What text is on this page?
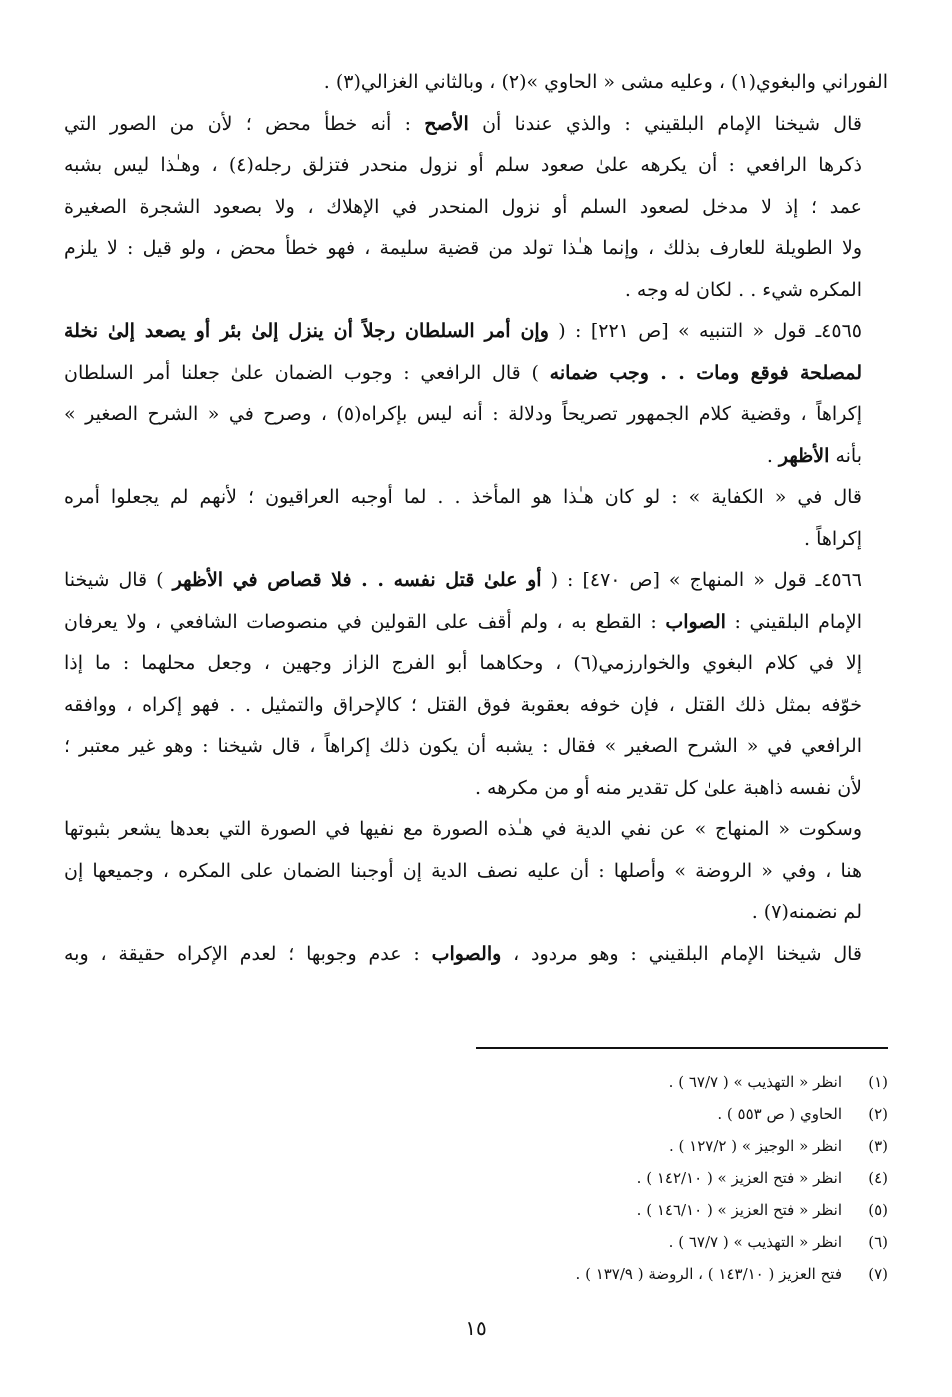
الفوراني والبغوي(١) ، وعليه مشى « الحاوي »(٢) ، وبالثاني الغزالي(٣) .

قال شيخنا الإمام البلقيني : والذي عندنا أن الأصح : أنه خطأ محض ؛ لأن من الصور التي
ذكرها الرافعي : أن يكرهه علىٰ صعود سلم أو نزول منحدر فتزلق رجله(٤) ، وهـٰذا ليس بشبه
عمد ؛ إذ لا مدخل لصعود السلم أو نزول المنحدر في الإهلاك ، ولا بصعود الشجرة الصغيرة
ولا الطويلة للعارف بذلك ، وإنما هـٰذا تولد من قضية سليمة ، فهو خطأ محض ، ولو قيل : لا يلزم
المكره شيء . . لكان له وجه .

٤٥٦٥ـ قول « التنبيه » [ص ٢٢١] : ( وإن أمر السلطان رجلاً أن ينزل إلىٰ بئر أو يصعد إلىٰ نخلة
لمصلحة فوقع ومات . . وجب ضمانه ) قال الرافعي : وجوب الضمان علىٰ جعلنا أمر السلطان
إكراهاً ، وقضية كلام الجمهور تصريحاً ودلالة : أنه ليس بإكراه(٥) ، وصرح في « الشرح الصغير »
بأنه الأظهر .

قال في « الكفاية » : لو كان هـٰذا هو المأخذ . . لما أوجبه العراقيون ؛ لأنهم لم يجعلوا أمره
إكراهاً .

٤٥٦٦ـ قول « المنهاج » [ص ٤٧٠] : ( أو علىٰ قتل نفسه . . فلا قصاص في الأظهر ) قال شيخنا
الإمام البلقيني : الصواب : القطع به ، ولم أقف على القولين في منصوصات الشافعي ، ولا يعرفان
إلا في كلام البغوي والخوارزمي(٦) ، وحكاهما أبو الفرج الزاز وجهين ، وجعل محلهما : ما إذا
خوّفه بمثل ذلك القتل ، فإن خوفه بعقوبة فوق القتل ؛ كالإحراق والتمثيل . . فهو إكراه ، ووافقه
الرافعي في « الشرح الصغير » فقال : يشبه أن يكون ذلك إكراهاً ، قال شيخنا : وهو غير معتبر ؛
لأن نفسه ذاهبة علىٰ كل تقدير منه أو من مكرهه .

وسكوت « المنهاج » عن نفي الدية في هـٰذه الصورة مع نفيها في الصورة التي بعدها يشعر بثبوتها
هنا ، وفي « الروضة » وأصلها : أن عليه نصف الدية إن أوجبنا الضمان على المكره ، وجميعها إن
لم نضمنه(٧) .

قال شيخنا الإمام البلقيني : وهو مردود ، والصواب : عدم وجوبها ؛ لعدم الإكراه حقيقة ، وبه

(١)
انظر « التهذيب » ( ٦٧/٧ ) .
(٢)
الحاوي ( ص ٥٥٣ ) .
(٣)
انظر « الوجيز » ( ١٢٧/٢ ) .
(٤)
انظر « فتح العزيز » ( ١٤٢/١٠ ) .
(٥)
انظر « فتح العزيز » ( ١٤٦/١٠ ) .
(٦)
انظر « التهذيب » ( ٦٧/٧ ) .
(٧)
فتح العزيز ( ١٤٣/١٠ ) ، الروضة ( ١٣٧/٩ ) .
١٥
